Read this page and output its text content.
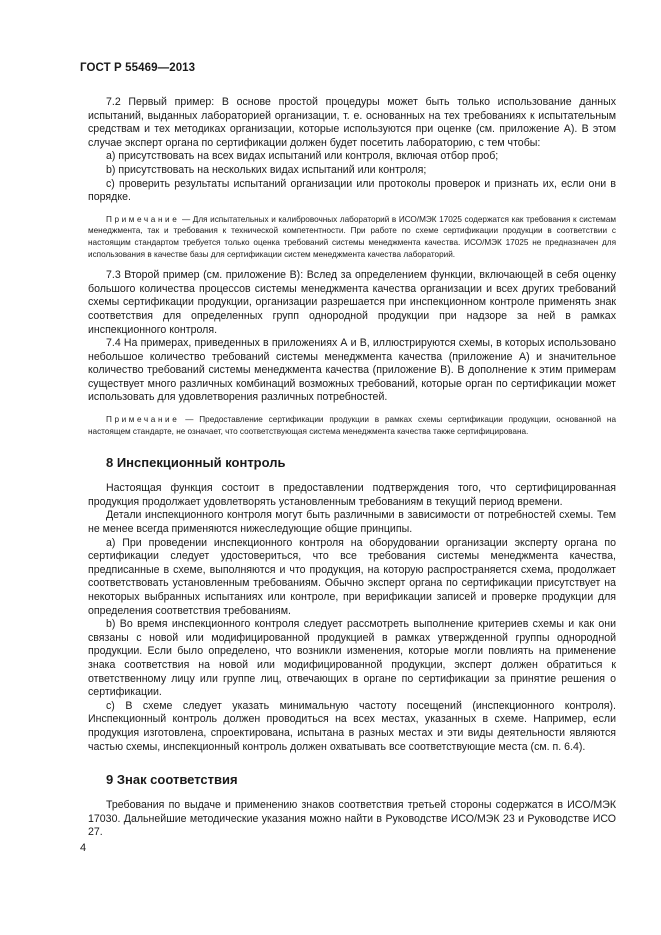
ГОСТ Р 55469—2013

7.2 Первый пример: В основе простой процедуры может быть только использование данных испытаний, выданных лабораторией организации, т. е. основанных на тех требованиях к испытательным средствам и тех методиках организации, которые используются при оценке (см. приложение А). В этом случае эксперт органа по сертификации должен будет посетить лабораторию, с тем чтобы:

a) присутствовать на всех видах испытаний или контроля, включая отбор проб;

b) присутствовать на нескольких видах испытаний или контроля;

c) проверить результаты испытаний организации или протоколы проверок и признать их, если они в порядке.

Примечание — Для испытательных и калибровочных лабораторий в ИСО/МЭК 17025 содержатся как требования к системам менеджмента, так и требования к технической компетентности. При работе по схеме сертификации продукции в соответствии с настоящим стандартом требуется только оценка требований системы менеджмента качества. ИСО/МЭК 17025 не предназначен для использования в качестве базы для сертификации систем менеджмента качества лабораторий.

7.3 Второй пример (см. приложение В): Вслед за определением функции, включающей в себя оценку большого количества процессов системы менеджмента качества организации и всех других требований схемы сертификации продукции, организации разрешается при инспекционном контроле применять знак соответствия для определенных групп однородной продукции при надзоре за ней в рамках инспекционного контроля.

7.4 На примерах, приведенных в приложениях А и В, иллюстрируются схемы, в которых использовано небольшое количество требований системы менеджмента качества (приложение А) и значительное количество требований системы менеджмента качества (приложение В). В дополнение к этим примерам существует много различных комбинаций возможных требований, которые орган по сертификации может использовать для удовлетворения различных потребностей.

Примечание — Предоставление сертификации продукции в рамках схемы сертификации продукции, основанной на настоящем стандарте, не означает, что соответствующая система менеджмента качества также сертифицирована.
8 Инспекционный контроль

Настоящая функция состоит в предоставлении подтверждения того, что сертифицированная продукция продолжает удовлетворять установленным требованиям в текущий период времени.

Детали инспекционного контроля могут быть различными в зависимости от потребностей схемы. Тем не менее всегда применяются нижеследующие общие принципы.

a) При проведении инспекционного контроля на оборудовании организации эксперту органа по сертификации следует удостовериться, что все требования системы менеджмента качества, предписанные в схеме, выполняются и что продукция, на которую распространяется схема, продолжает соответствовать установленным требованиям. Обычно эксперт органа по сертификации присутствует на некоторых выбранных испытаниях или контроле, при верификации записей и проверке продукции для определения соответствия требованиям.

b) Во время инспекционного контроля следует рассмотреть выполнение критериев схемы и как они связаны с новой или модифицированной продукцией в рамках утвержденной группы однородной продукции. Если было определено, что возникли изменения, которые могли повлиять на применение знака соответствия на новой или модифицированной продукции, эксперт должен обратиться к ответственному лицу или группе лиц, отвечающих в органе по сертификации за принятие решения о сертификации.

c) В схеме следует указать минимальную частоту посещений (инспекционного контроля). Инспекционный контроль должен проводиться на всех местах, указанных в схеме. Например, если продукция изготовлена, спроектирована, испытана в разных местах и эти виды деятельности являются частью схемы, инспекционный контроль должен охватывать все соответствующие места (см. п. 6.4).

9 Знак соответствия

Требования по выдаче и применению знаков соответствия третьей стороны содержатся в ИСО/МЭК 17030. Дальнейшие методические указания можно найти в Руководстве ИСО/МЭК 23 и Руководстве ИСО 27.

4
